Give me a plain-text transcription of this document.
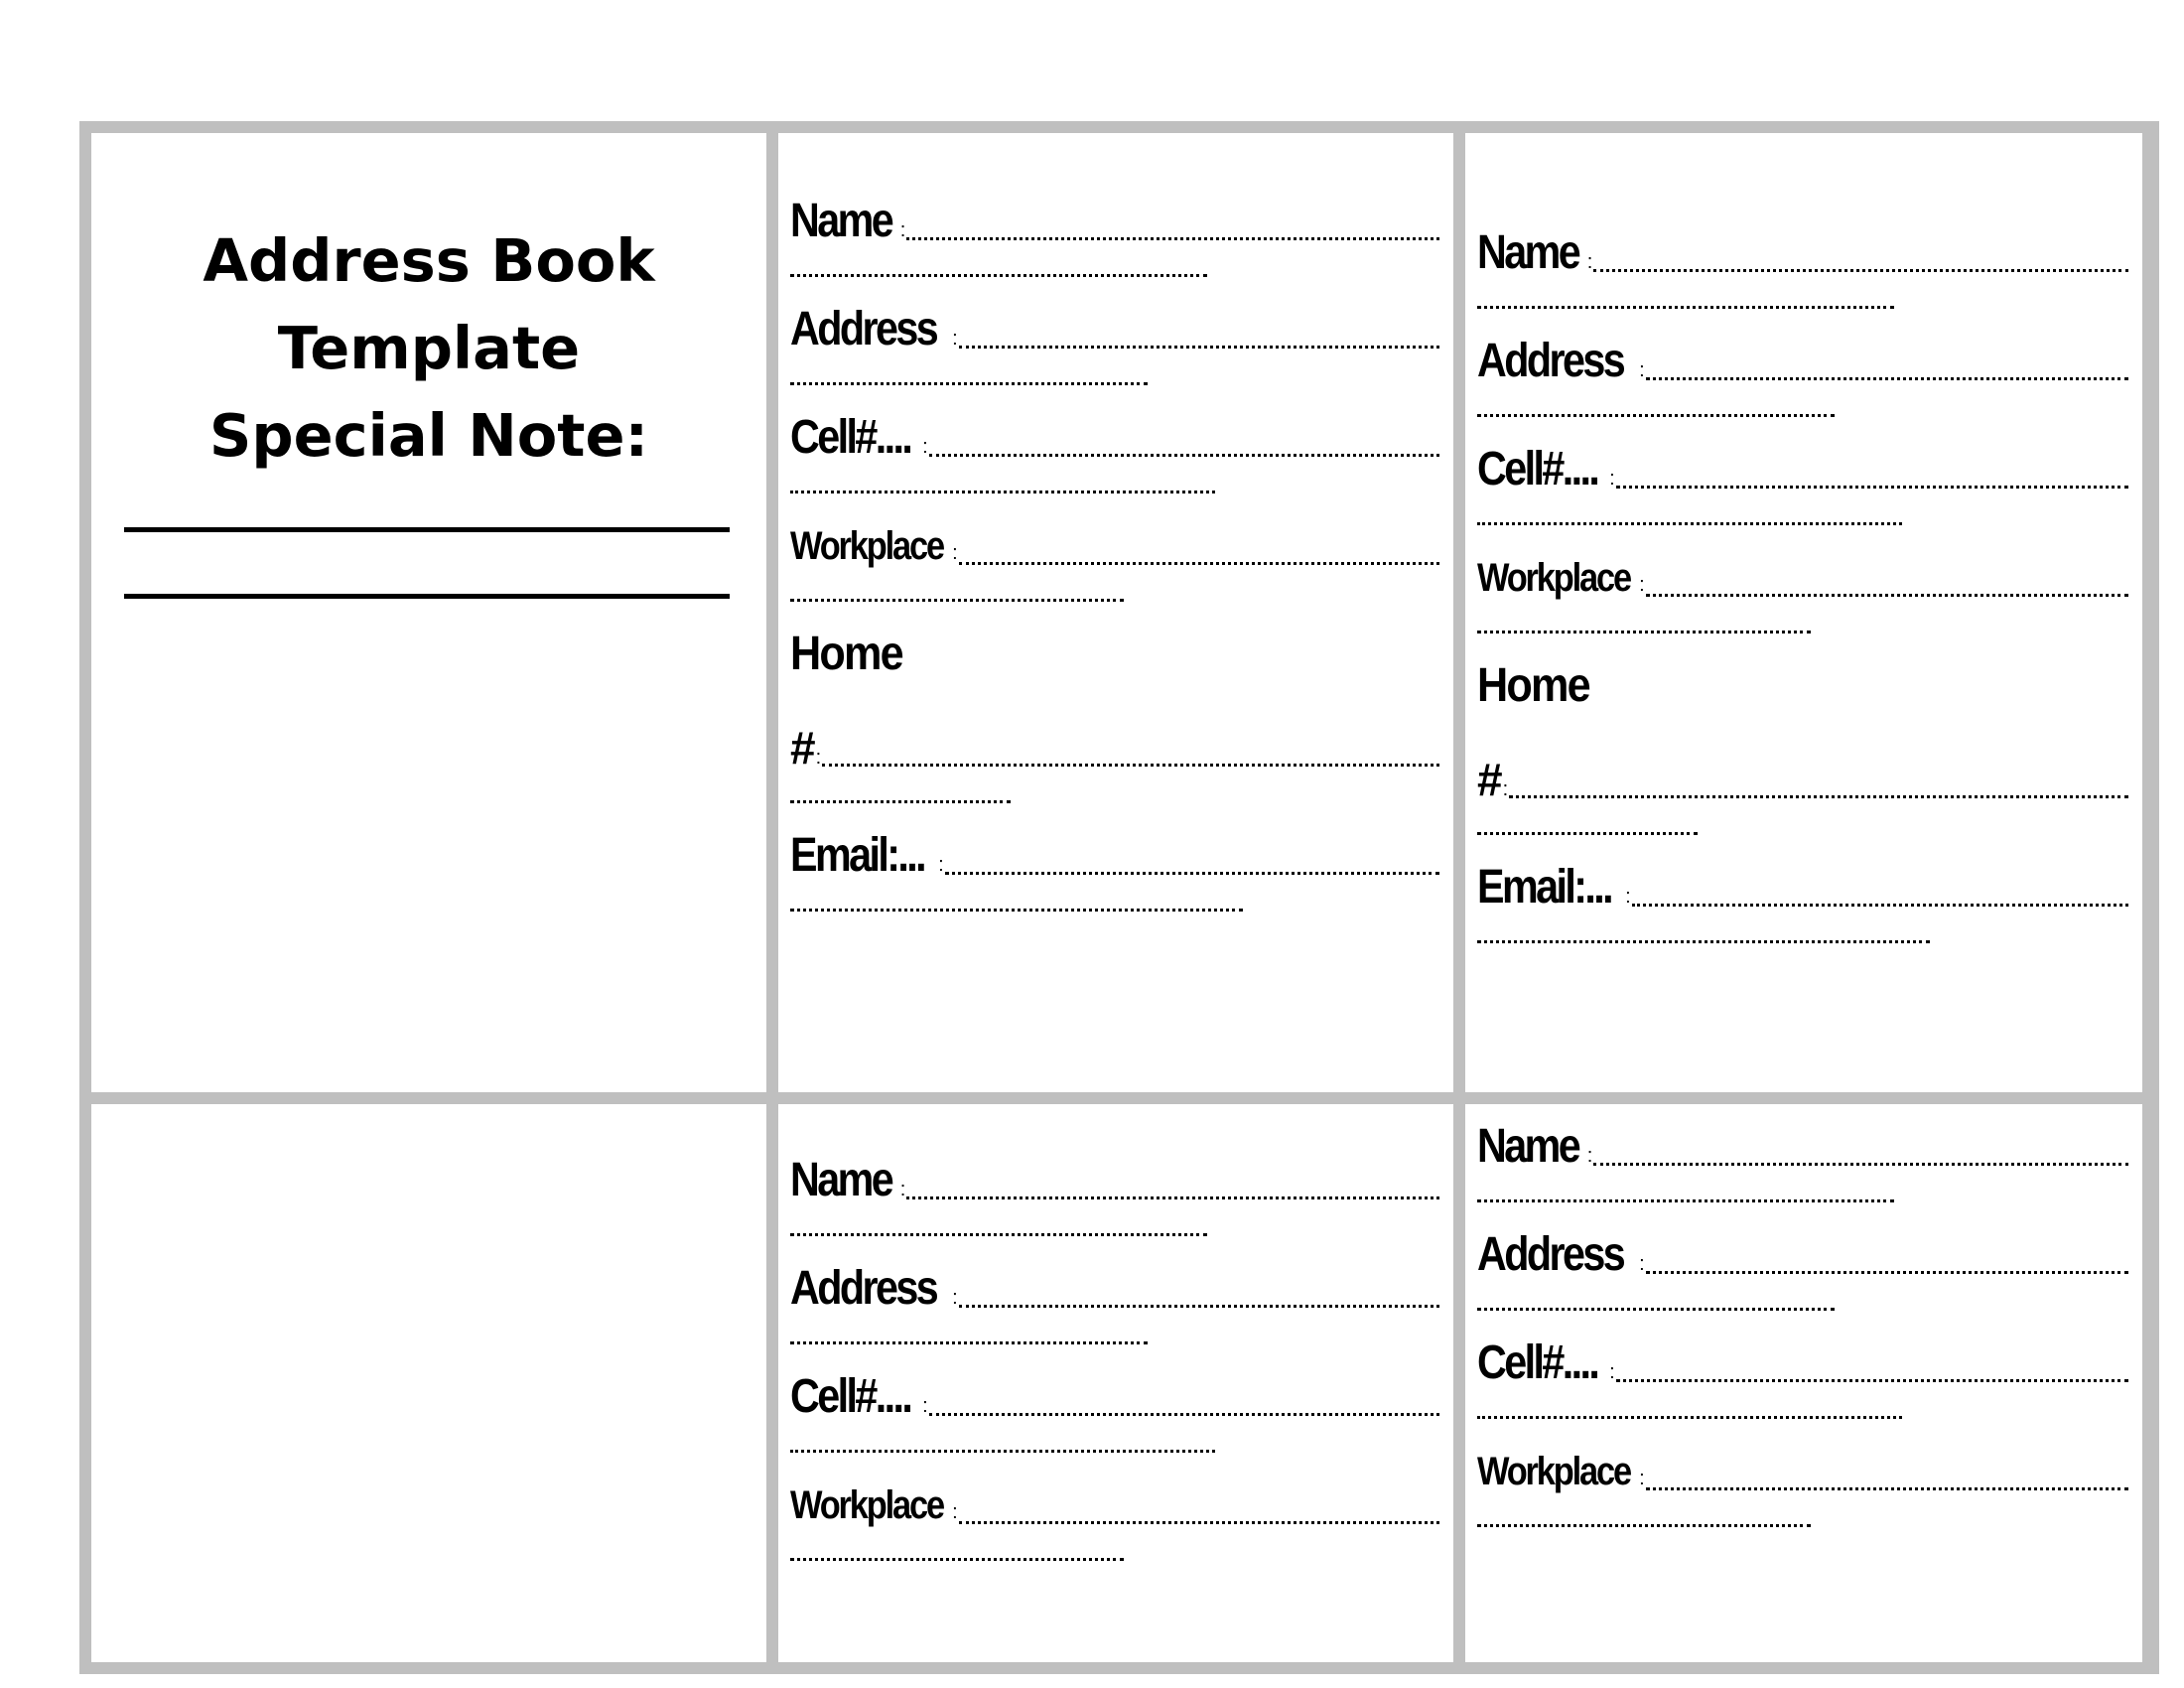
Address Book
Template
Special Note:
Name :
Address :
Cell#.... :
Workplace :
Home
# :
Email:... :
Name :
Address :
Cell#.... :
Workplace :
Home
# :
Email:... :
Name :
Address :
Cell#.... :
Workplace :
Name :
Address :
Cell#.... :
Workplace :
